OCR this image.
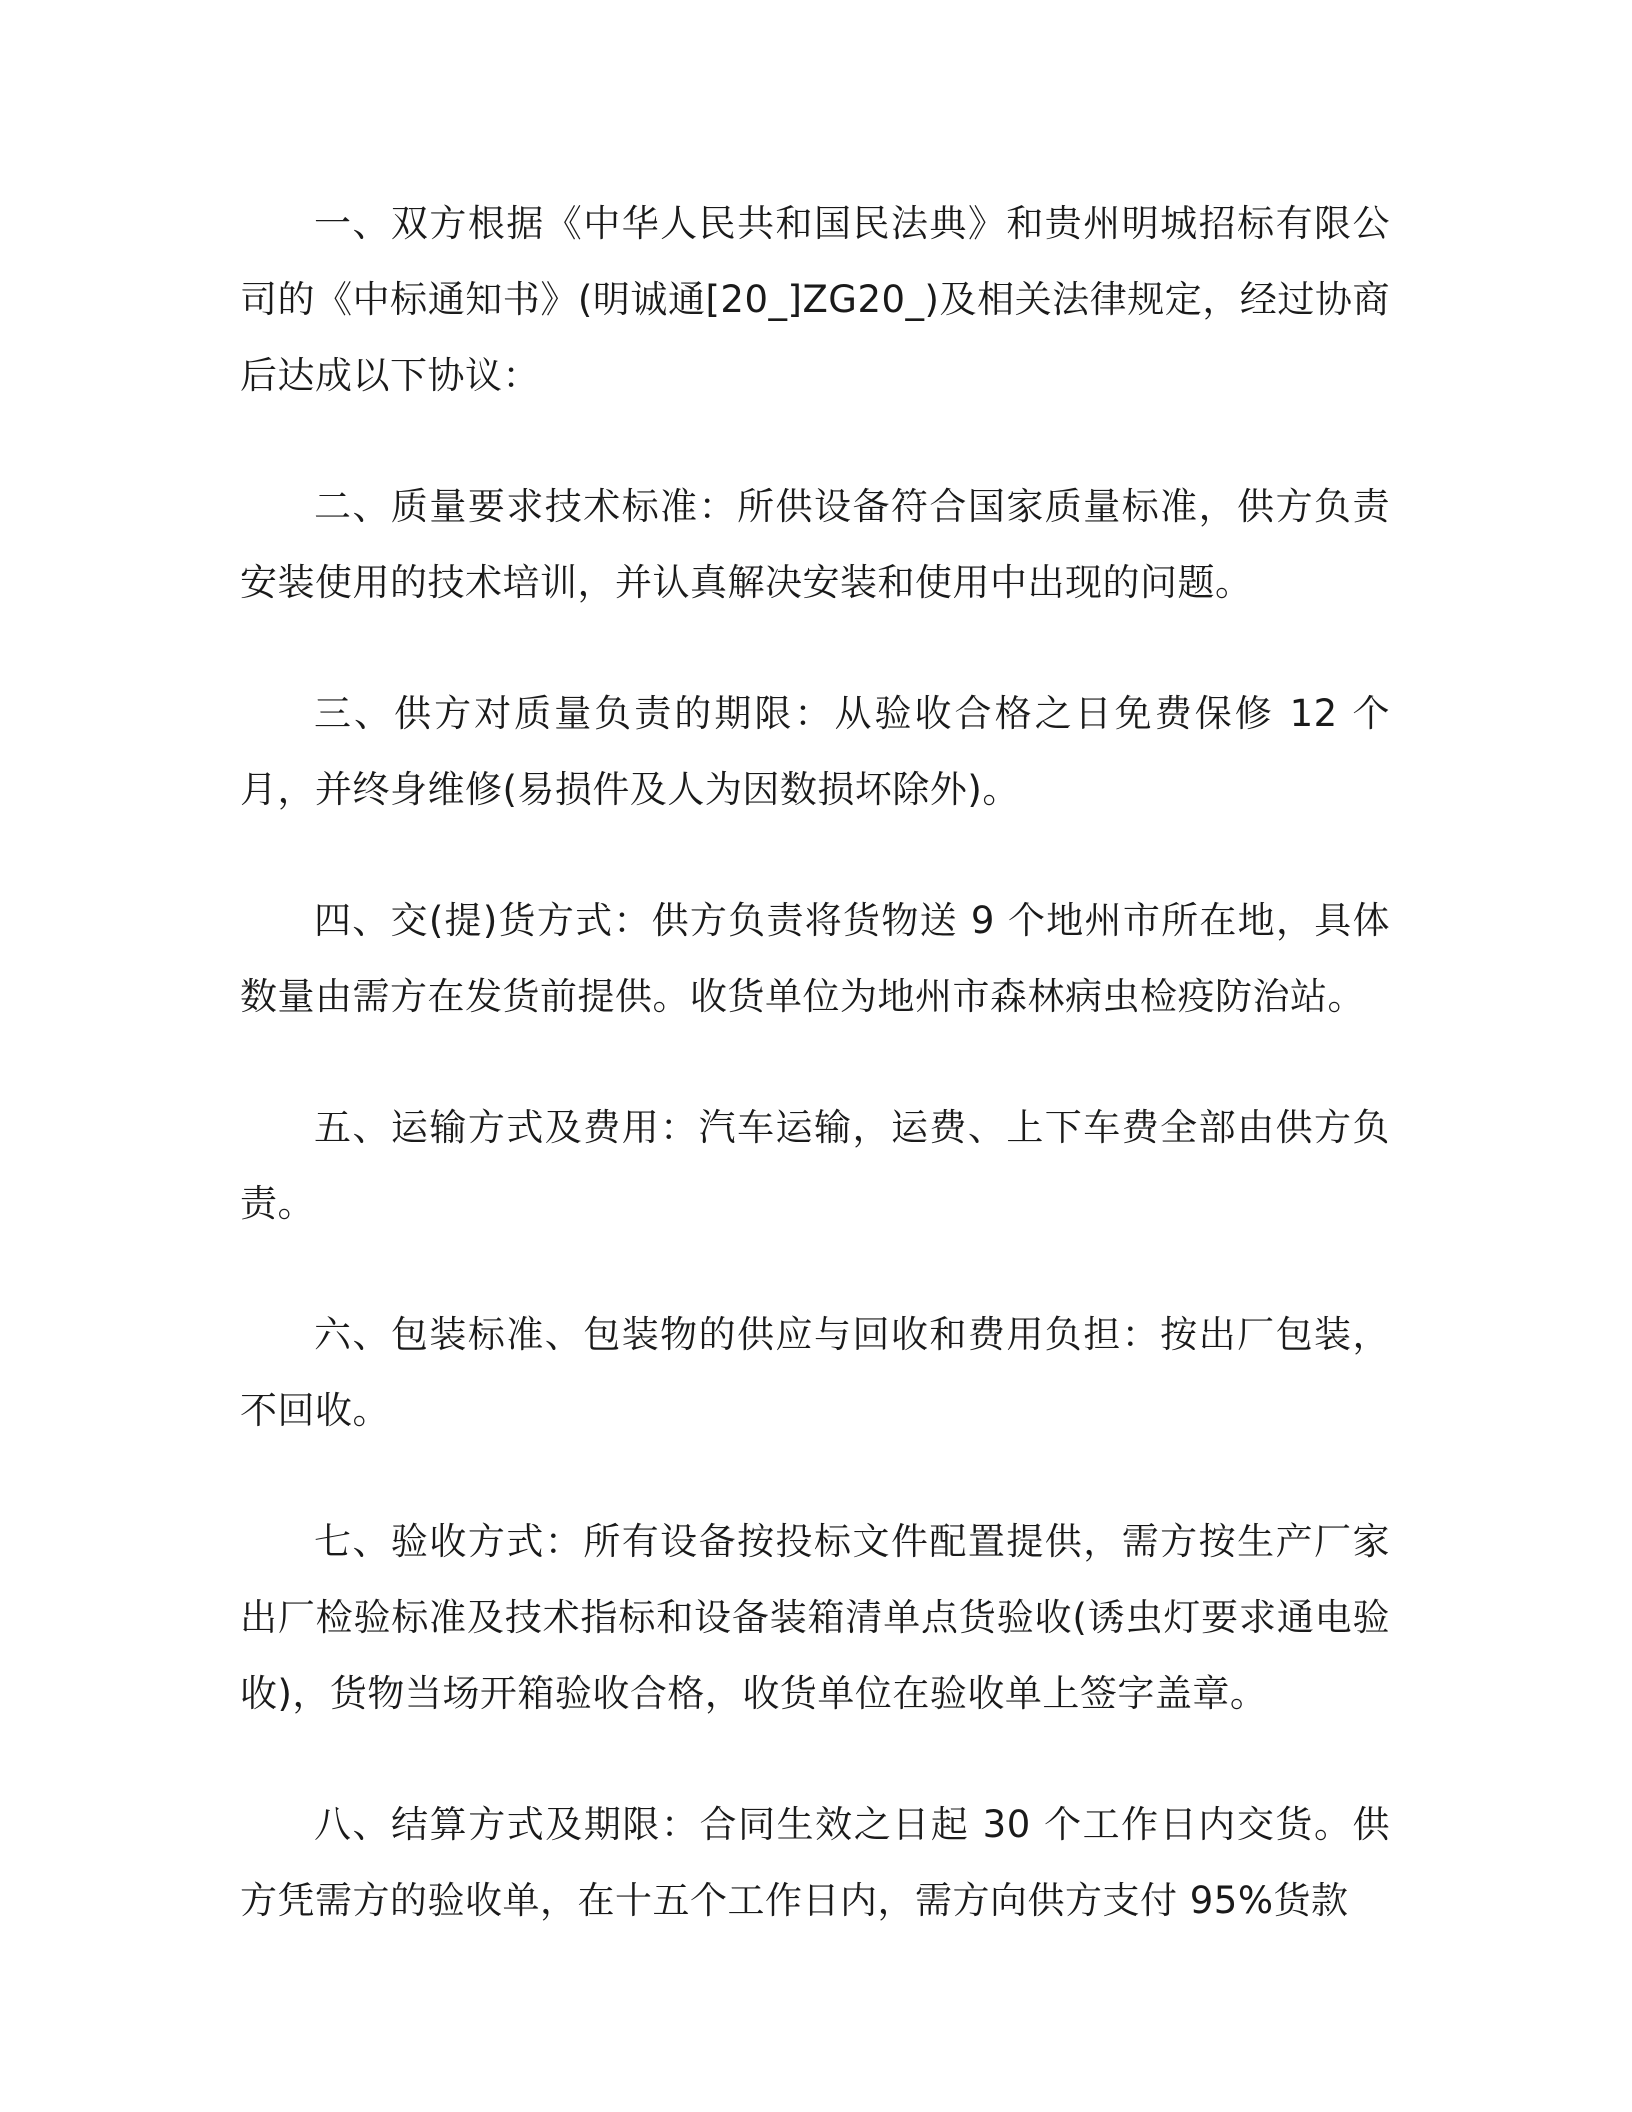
一、双方根据《中华人民共和国民法典》和贵州明城招标有限公司的《中标通知书》(明诚通[20_]ZG20_)及相关法律规定，经过协商后达成以下协议：

二、质量要求技术标准：所供设备符合国家质量标准，供方负责安装使用的技术培训，并认真解决安装和使用中出现的问题。

三、供方对质量负责的期限：从验收合格之日免费保修 12 个月，并终身维修(易损件及人为因数损坏除外)。

四、交(提)货方式：供方负责将货物送 9 个地州市所在地，具体数量由需方在发货前提供。收货单位为地州市森林病虫检疫防治站。

五、运输方式及费用：汽车运输，运费、上下车费全部由供方负责。

六、包装标准、包装物的供应与回收和费用负担：按出厂包装，不回收。

七、验收方式：所有设备按投标文件配置提供，需方按生产厂家出厂检验标准及技术指标和设备装箱清单点货验收(诱虫灯要求通电验收)，货物当场开箱验收合格，收货单位在验收单上签字盖章。

八、结算方式及期限：合同生效之日起 30 个工作日内交货。供方凭需方的验收单，在十五个工作日内，需方向供方支付 95%货款
